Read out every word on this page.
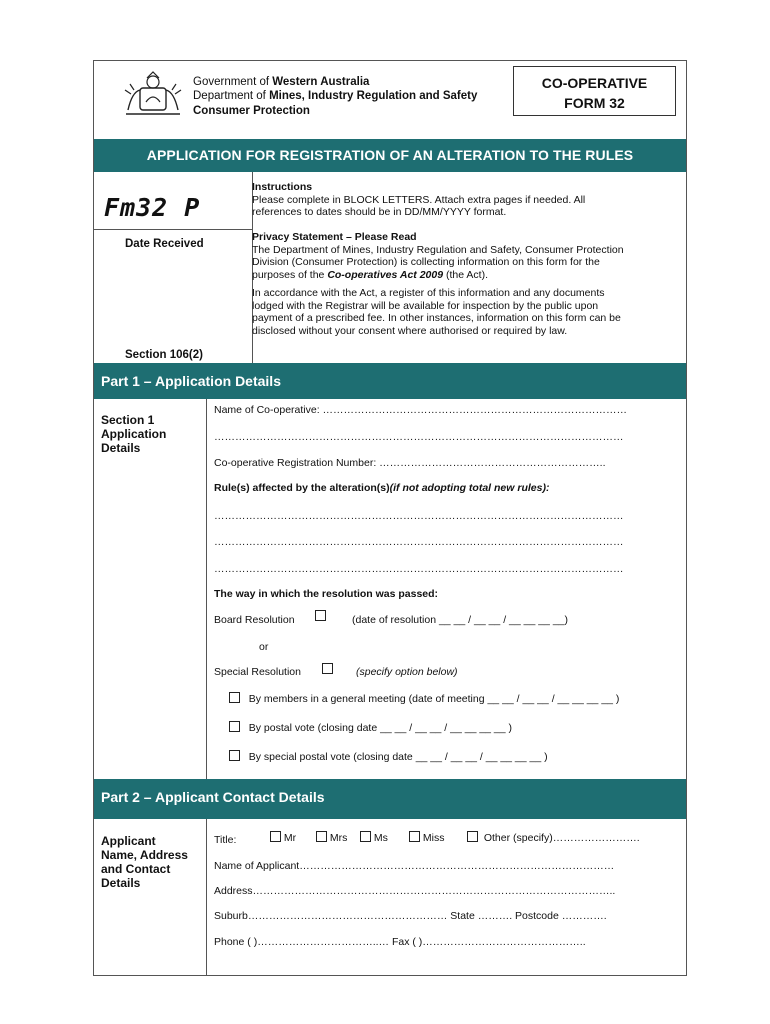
Government of Western Australia
Department of Mines, Industry Regulation and Safety
Consumer Protection
CO-OPERATIVE
FORM 32
APPLICATION FOR REGISTRATION OF AN ALTERATION TO THE RULES
Fm32 P
Date Received
Section 106(2)
Instructions
Please complete in BLOCK LETTERS. Attach extra pages if needed. All
references to dates should be in DD/MM/YYYY format.
Privacy Statement – Please Read
The Department of Mines, Industry Regulation and Safety, Consumer Protection
Division (Consumer Protection) is collecting information on this form for the
purposes of the Co-operatives Act 2009 (the Act).
In accordance with the Act, a register of this information and any documents
lodged with the Registrar will be available for inspection by the public upon
payment of a prescribed fee. In other instances, information on this form can be
disclosed without your consent where authorised or required by law.
Part 1 – Application Details
Section 1
Application
Details
Name of Co-operative: ……………………………………………………………………………
………………………………………………………………………………………………………
Co-operative Registration Number: ………………………………………………………..
Rule(s) affected by the alteration(s)(if not adopting total new rules):
………………………………………………………………………………………………………
………………………………………………………………………………………………………
………………………………………………………………………………………………………
The way in which the resolution was passed:
Board Resolution	(date of resolution __ __ / __ __ / __ __ __ __)
or
Special Resolution	(specify option below)
By members in a general meeting (date of meeting __ __ / __ __ / __ __ __ __ )
By postal vote (closing date __ __ / __ __ / __ __ __ __ )
By special postal vote (closing date __ __ / __ __ / __ __ __ __ )
Part 2 – Applicant Contact Details
Applicant
Name, Address
and Contact
Details
Title:	Mr	Mrs	Ms	Miss	Other (specify)…………………….
Name of Applicant………………………………………………………………………………
Address…………………………………………………………………………………………..
Suburb………………………………………………… State ………. Postcode ………….
Phone ( )……………………………..… Fax ( )………………………………………..
